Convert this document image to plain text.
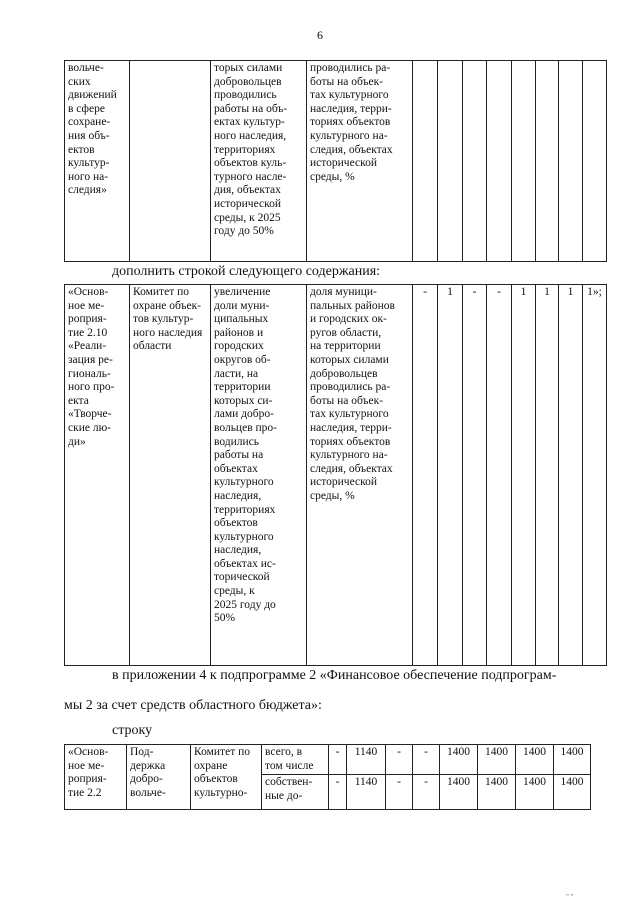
6
вольче-
ских
движений
в сфере
сохране-
ния объ-
ектов
культур-
ного на-
следия»		торых силами
добровольцев
проводились
работы на объ-
ектах культур-
ного наследия,
территориях
объектов куль-
турного насле-
дия, объектах
исторической
среды, к 2025
году до 50%	проводились ра-
боты на объек-
тах культурного
наследия, терри-
ториях объектов
культурного на-
следия, объектах
исторической
среды, %								
дополнить строкой следующего содержания:
«Основ-
ное ме-
роприя-
тие 2.10
«Реали-
зация ре-
гиональ-
ного про-
екта
«Творче-
ские лю-
ди»	Комитет по
охране объек-
тов культур-
ного наследия
области	увеличение
доли муни-
ципальных
районов и
городских
округов об-
ласти, на
территории
которых си-
лами добро-
вольцев про-
водились
работы на
объектах
культурного
наследия,
территориях
объектов
культурного
наследия,
объектах ис-
торической
среды, к
2025 году до
50%	доля муници-
пальных районов
и городских ок-
ругов области,
на территории
которых силами
добровольцев
проводились ра-
боты на объек-
тах культурного
наследия, терри-
ториях объектов
культурного на-
следия, объектах
исторической
среды, %	-	1	-	-	1	1	1	1»;
в приложении 4 к подпрограмме 2 «Финансовое обеспечение подпрограм-
мы 2 за счет средств областного бюджета»:
строку
«Основ-
ное ме-
роприя-
тие 2.2	Под-
держка
добро-
вольче-	Комитет по
охране
объектов
культурно-	всего, в
том числе	-	1140	-	-	1400	1400	1400	1400
			собствен-
ные до-	-	1140	-	-	1400	1400	1400	1400
" "
